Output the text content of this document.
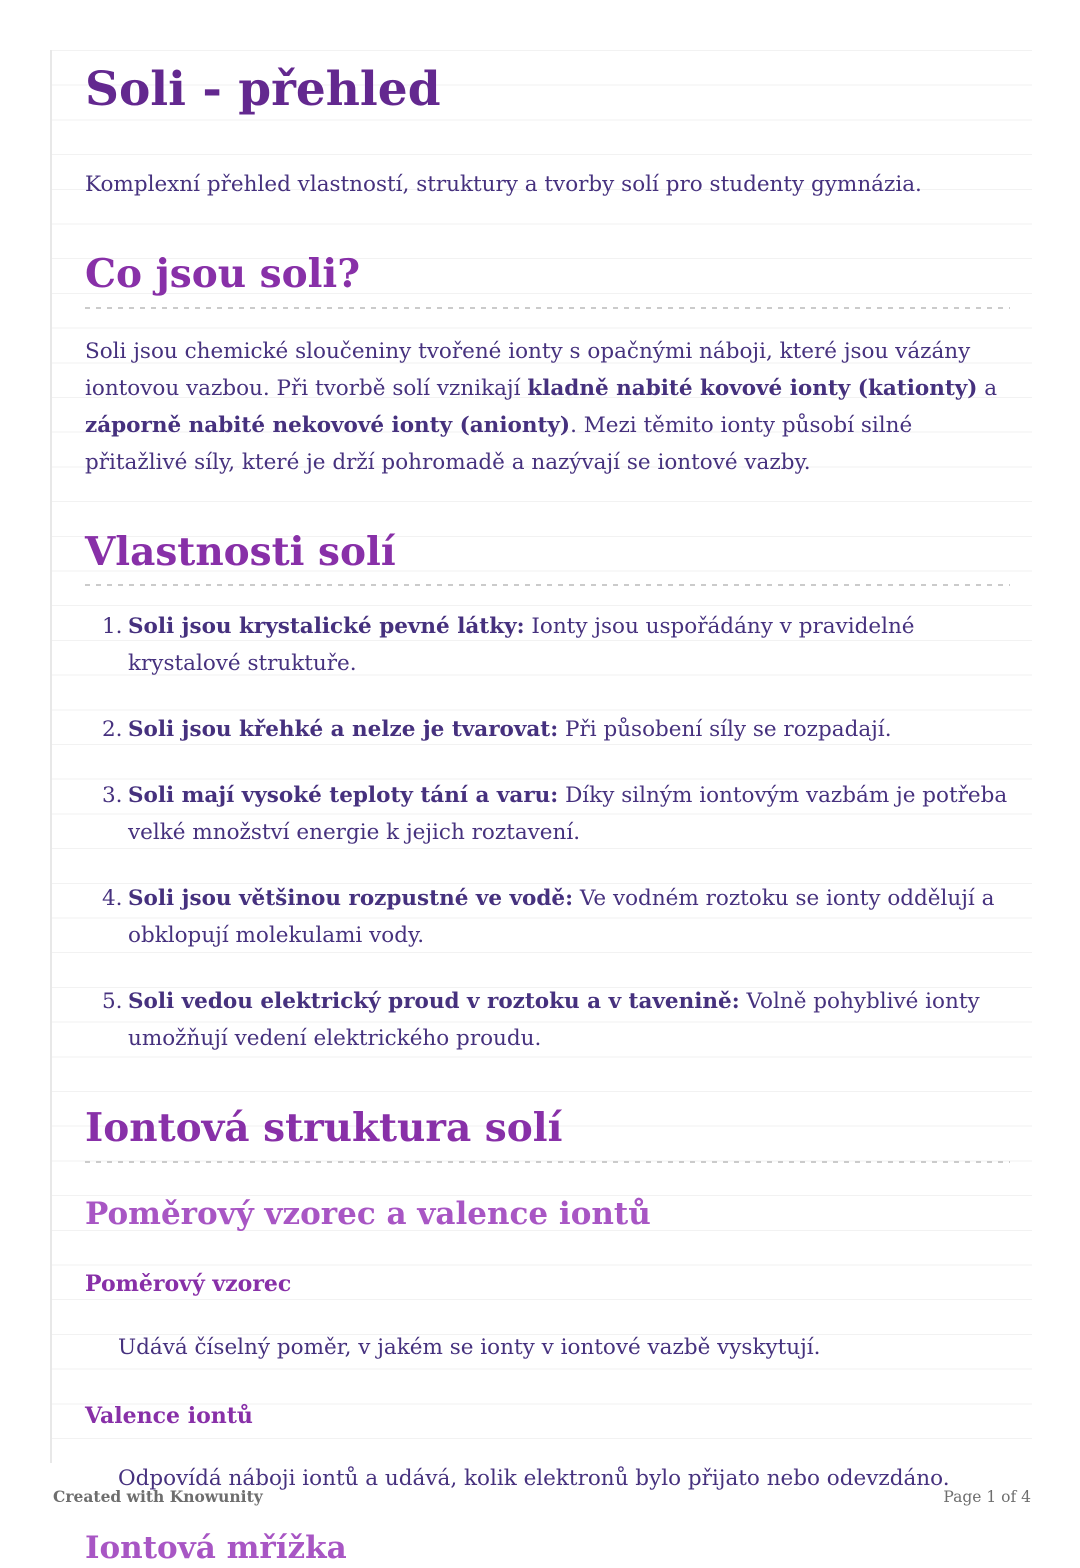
Soli - přehled

Komplexní přehled vlastností, struktury a tvorby solí pro studenty gymnázia.

Co jsou soli?

Soli jsou chemické sloučeniny tvořené ionty s opačnými náboji, které jsou vázány iontovou vazbou. Při tvorbě solí vznikají kladně nabité kovové ionty (kationty) a záporně nabité nekovové ionty (anionty). Mezi těmito ionty působí silné přitažlivé síly, které je drží pohromadě a nazývají se iontové vazby.

Vlastnosti solí
1. Soli jsou krystalické pevné látky: Ionty jsou uspořádány v pravidelné krystalové struktuře.
2. Soli jsou křehké a nelze je tvarovat: Při působení síly se rozpadají.
3. Soli mají vysoké teploty tání a varu: Díky silným iontovým vazbám je potřeba velké množství energie k jejich roztavení.
4. Soli jsou většinou rozpustné ve vodě: Ve vodném roztoku se ionty oddělují a obklopují molekulami vody.
5. Soli vedou elektrický proud v roztoku a v tavenině: Volně pohyblivé ionty umožňují vedení elektrického proudu.
Iontová struktura solí
Poměrový vzorec a valence iontů
Poměrový vzorec

Udává číselný poměr, v jakém se ionty v iontové vazbě vyskytují.

Valence iontů

Odpovídá náboji iontů a udává, kolik elektronů bylo přijato nebo odevzdáno.

Iontová mřížka
Created with Knowunity	Page 1 of 4
